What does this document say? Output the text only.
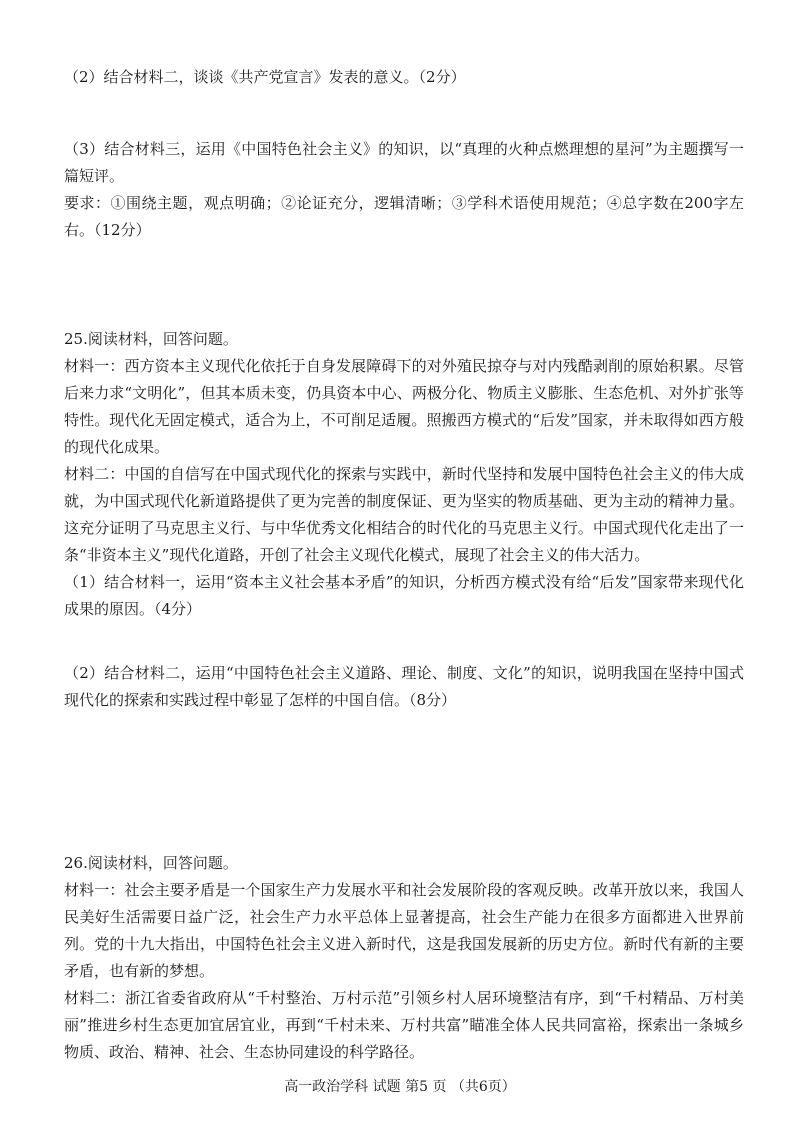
（2）结合材料二，谈谈《共产党宣言》发表的意义。（2分）

（3）结合材料三，运用《中国特色社会主义》的知识，以“真理的火种点燃理想的星河”为主题撰写一篇短评。

要求：①围绕主题，观点明确；②论证充分，逻辑清晰；③学科术语使用规范；④总字数在200字左右。（12分）

25.阅读材料，回答问题。

材料一：西方资本主义现代化依托于自身发展障碍下的对外殖民掠夺与对内残酷剥削的原始积累。尽管后来力求“文明化”，但其本质未变，仍具资本中心、两极分化、物质主义膨胀、生态危机、对外扩张等特性。现代化无固定模式，适合为上，不可削足适履。照搬西方模式的“后发”国家，并未取得如西方般的现代化成果。

材料二：中国的自信写在中国式现代化的探索与实践中，新时代坚持和发展中国特色社会主义的伟大成就，为中国式现代化新道路提供了更为完善的制度保证、更为坚实的物质基础、更为主动的精神力量。这充分证明了马克思主义行、与中华优秀文化相结合的时代化的马克思主义行。中国式现代化走出了一条“非资本主义”现代化道路，开创了社会主义现代化模式，展现了社会主义的伟大活力。

（1）结合材料一，运用“资本主义社会基本矛盾”的知识，分析西方模式没有给“后发”国家带来现代化成果的原因。（4分）

（2）结合材料二，运用“中国特色社会主义道路、理论、制度、文化”的知识，说明我国在坚持中国式现代化的探索和实践过程中彰显了怎样的中国自信。（8分）

26.阅读材料，回答问题。

材料一：社会主要矛盾是一个国家生产力发展水平和社会发展阶段的客观反映。改革开放以来，我国人民美好生活需要日益广泛，社会生产力水平总体上显著提高，社会生产能力在很多方面都进入世界前列。党的十九大指出，中国特色社会主义进入新时代，这是我国发展新的历史方位。新时代有新的主要矛盾，也有新的梦想。

材料二：浙江省委省政府从“千村整治、万村示范”引领乡村人居环境整洁有序，到“千村精品、万村美丽”推进乡村生态更加宜居宜业，再到“千村未来、万村共富”瞄准全体人民共同富裕，探索出一条城乡物质、政治、精神、社会、生态协同建设的科学路径。

高一政治学科 试题 第5 页 （共6页）
